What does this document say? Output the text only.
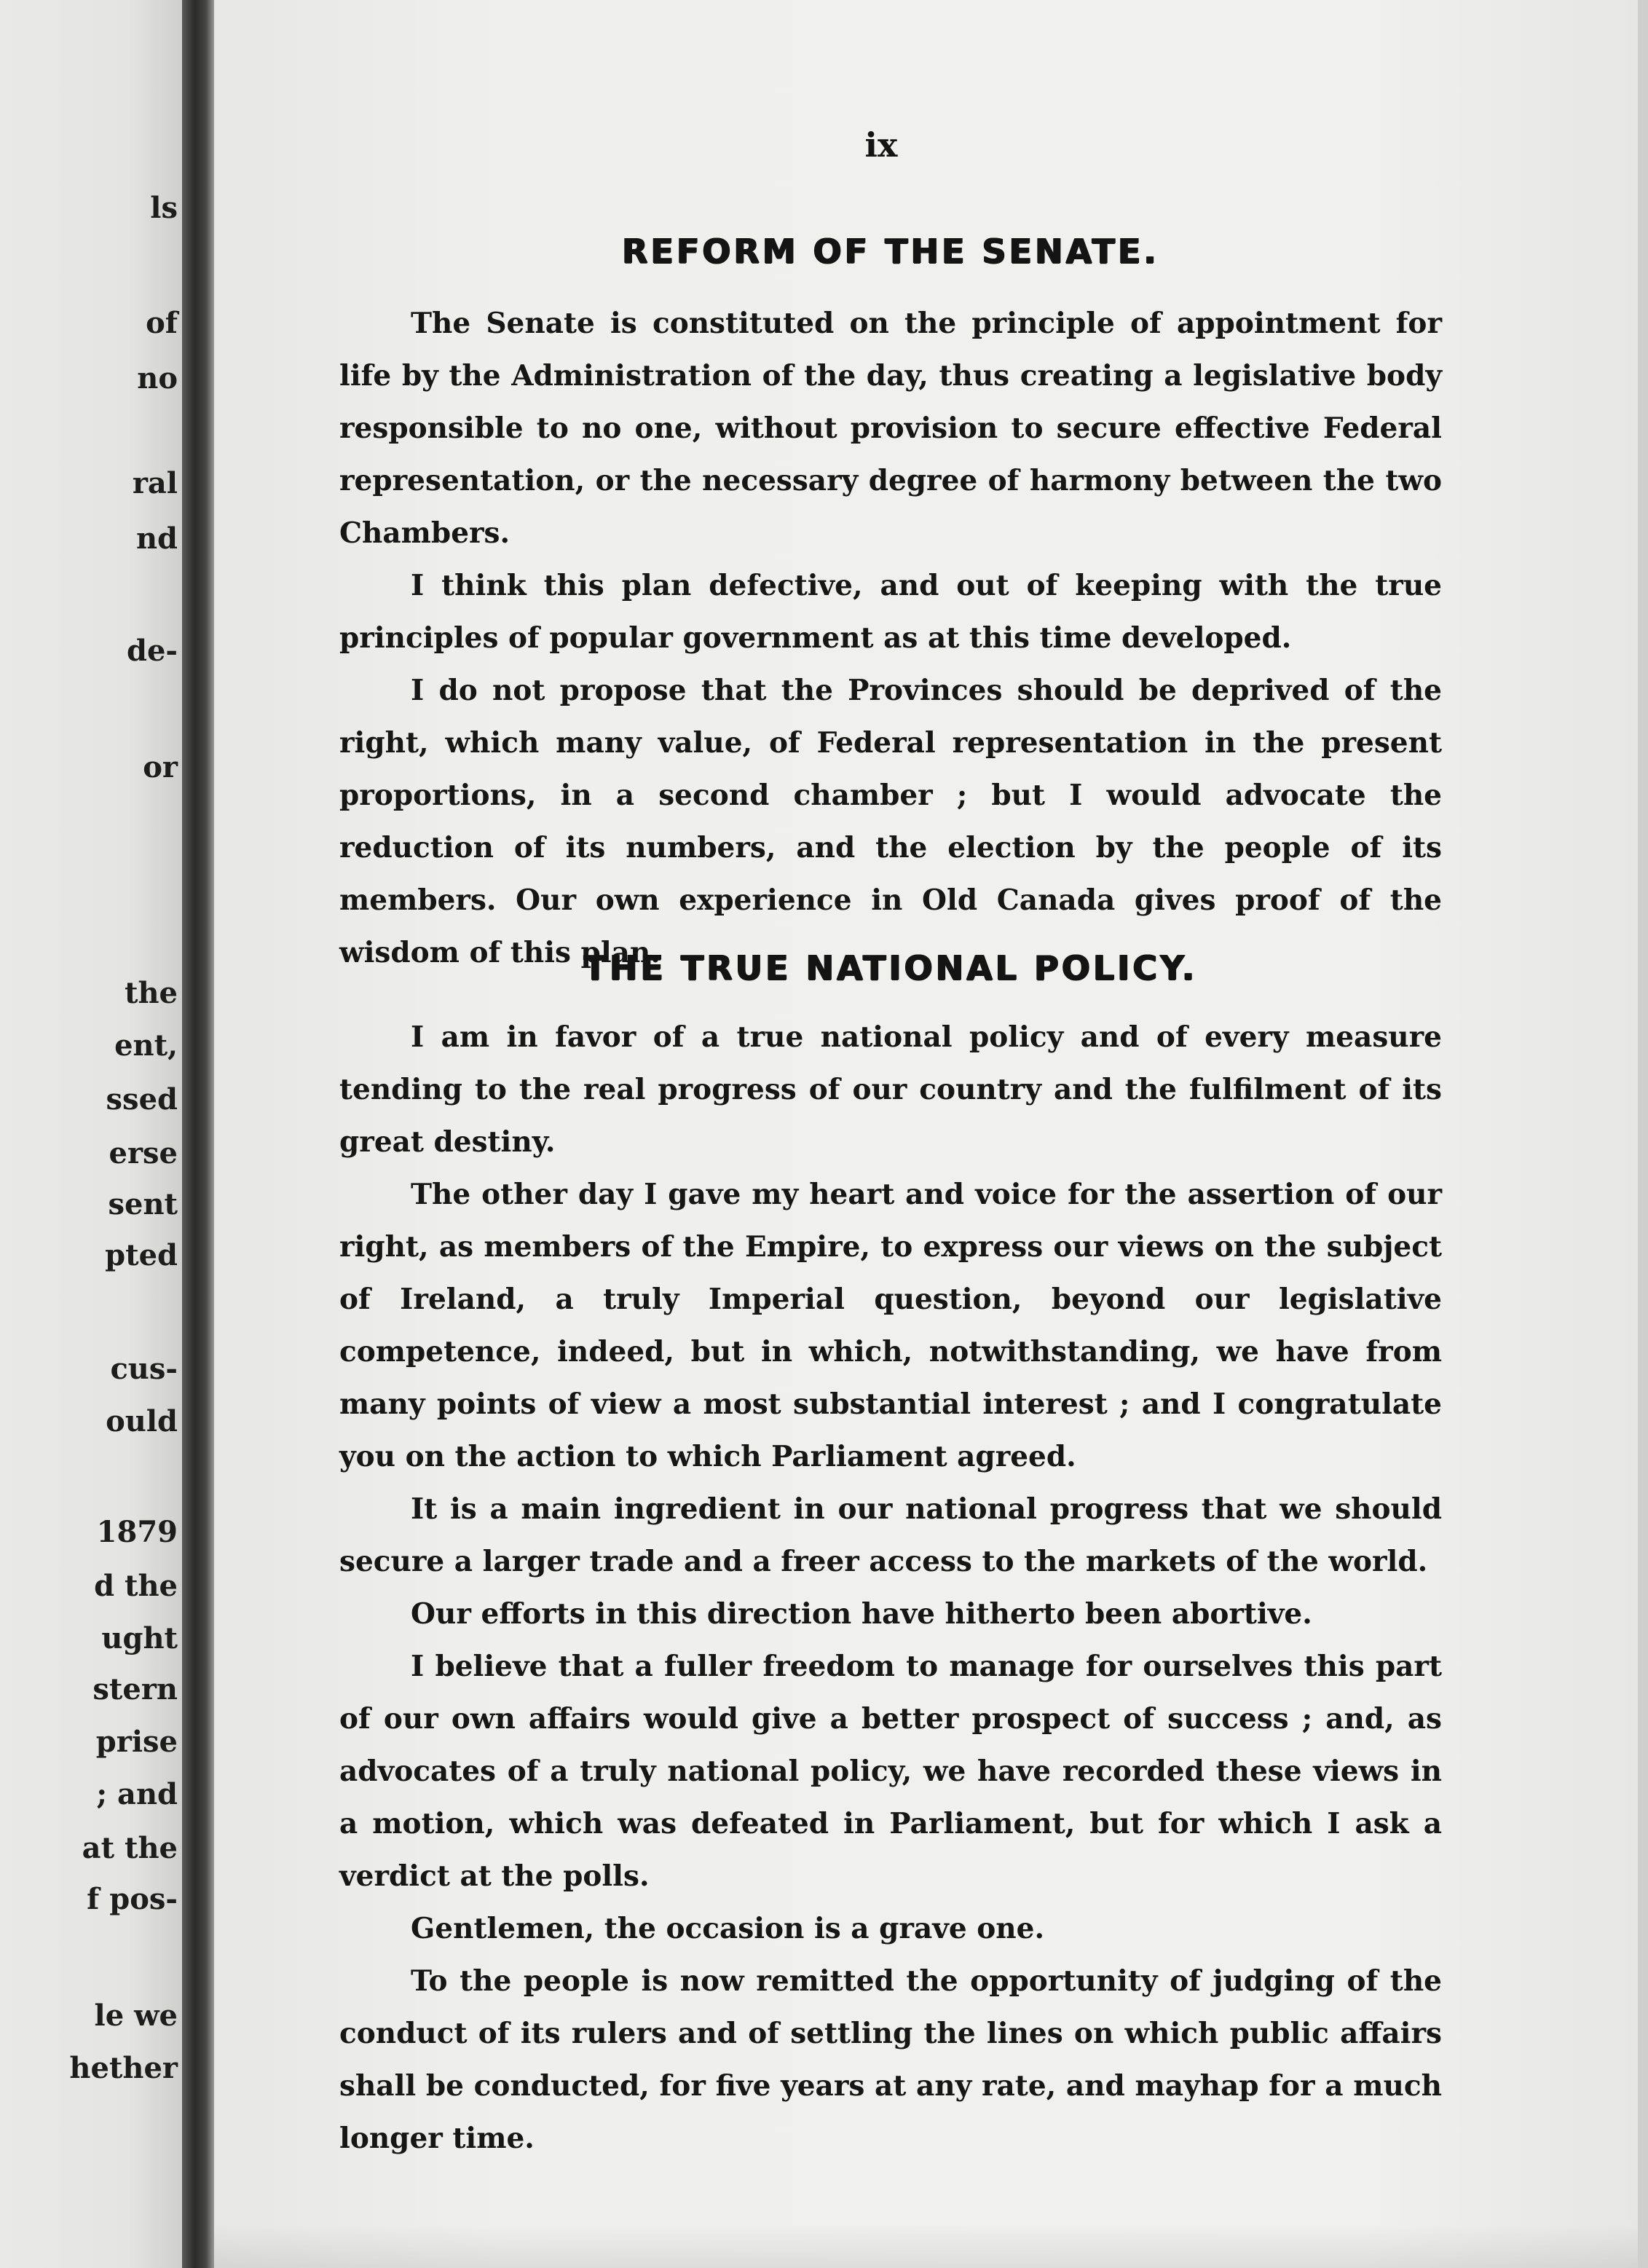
ls
of
no
ral
nd
de-
or
the
ent,
ssed
erse
sent
pted
cus-
ould
1879
d the
ught
stern
prise
; and
at the
f pos-
le we
hether
ix
REFORM OF THE SENATE.

The Senate is constituted on the principle of appointment for life by the Administration of the day, thus creating a legislative body responsible to no one, without provision to secure effective Federal representation, or the necessary degree of harmony between the two Chambers.

I think this plan defective, and out of keeping with the true principles of popular government as at this time developed.

I do not propose that the Provinces should be deprived of the right, which many value, of Federal representation in the present proportions, in a second chamber ; but I would advocate the reduction of its numbers, and the election by the people of its members. Our own experience in Old Canada gives proof of the wisdom of this plan.

THE TRUE NATIONAL POLICY.

I am in favor of a true national policy and of every measure tending to the real progress of our country and the fulfilment of its great destiny.

The other day I gave my heart and voice for the assertion of our right, as members of the Empire, to express our views on the subject of Ireland, a truly Imperial question, beyond our legislative competence, indeed, but in which, notwithstanding, we have from many points of view a most substantial interest ; and I congratulate you on the action to which Parliament agreed.

It is a main ingredient in our national progress that we should secure a larger trade and a freer access to the markets of the world.

Our efforts in this direction have hitherto been abortive.

I believe that a fuller freedom to manage for ourselves this part of our own affairs would give a better prospect of success ; and, as advocates of a truly national policy, we have recorded these views in a motion, which was defeated in Parliament, but for which I ask a verdict at the polls.

Gentlemen, the occasion is a grave one.

To the people is now remitted the opportunity of judging of the conduct of its rulers and of settling the lines on which public affairs shall be conducted, for five years at any rate, and mayhap for a much longer time.
